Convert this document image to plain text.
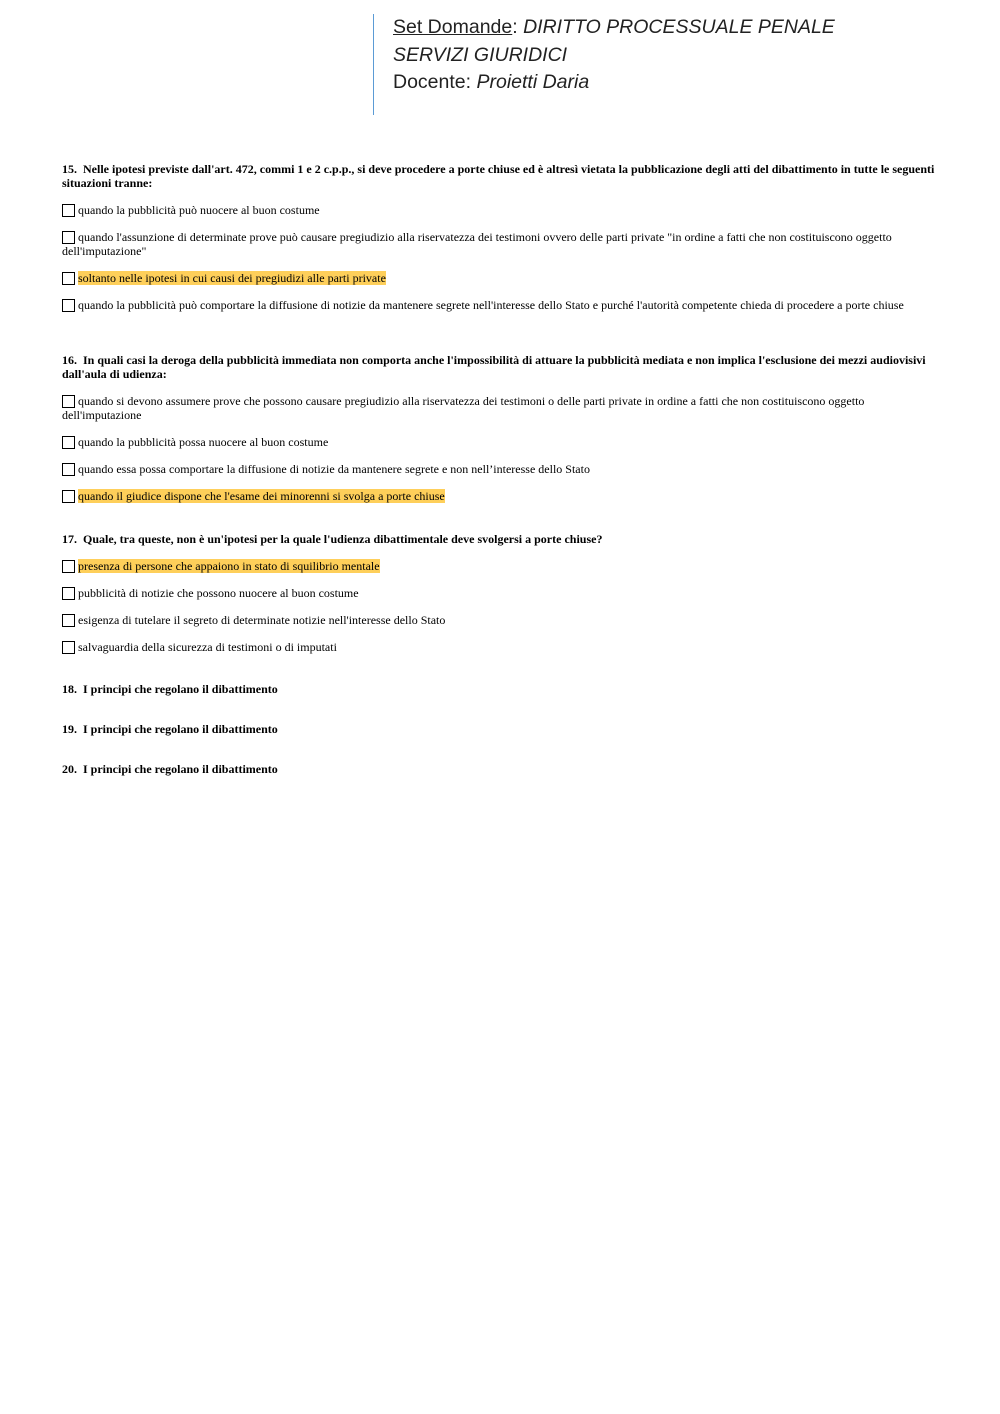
Set Domande: DIRITTO PROCESSUALE PENALE
SERVIZI GIURIDICI
Docente: Proietti Daria
15. Nelle ipotesi previste dall'art. 472, commi 1 e 2 c.p.p., si deve procedere a porte chiuse ed è altresì vietata la pubblicazione degli atti del dibattimento in tutte le seguenti situazioni tranne:
quando la pubblicità può nuocere al buon costume
quando l'assunzione di determinate prove può causare pregiudizio alla riservatezza dei testimoni ovvero delle parti private "in ordine a fatti che non costituiscono oggetto dell'imputazione"
soltanto nelle ipotesi in cui causi dei pregiudizi alle parti private
quando la pubblicità può comportare la diffusione di notizie da mantenere segrete nell'interesse dello Stato e purché l'autorità competente chieda di procedere a porte chiuse
16. In quali casi la deroga della pubblicità immediata non comporta anche l'impossibilità di attuare la pubblicità mediata e non implica l'esclusione dei mezzi audiovisivi dall'aula di udienza:
quando si devono assumere prove che possono causare pregiudizio alla riservatezza dei testimoni o delle parti private in ordine a fatti che non costituiscono oggetto dell'imputazione
quando la pubblicità possa nuocere al buon costume
quando essa possa comportare la diffusione di notizie da mantenere segrete e non nell’interesse dello Stato
quando il giudice dispone che l'esame dei minorenni si svolga a porte chiuse
17. Quale, tra queste, non è un'ipotesi per la quale l'udienza dibattimentale deve svolgersi a porte chiuse?
presenza di persone che appaiono in stato di squilibrio mentale
pubblicità di notizie che possono nuocere al buon costume
esigenza di tutelare il segreto di determinate notizie nell'interesse dello Stato
salvaguardia della sicurezza di testimoni o di imputati
18. I principi che regolano il dibattimento
19. I principi che regolano il dibattimento
20. I principi che regolano il dibattimento
